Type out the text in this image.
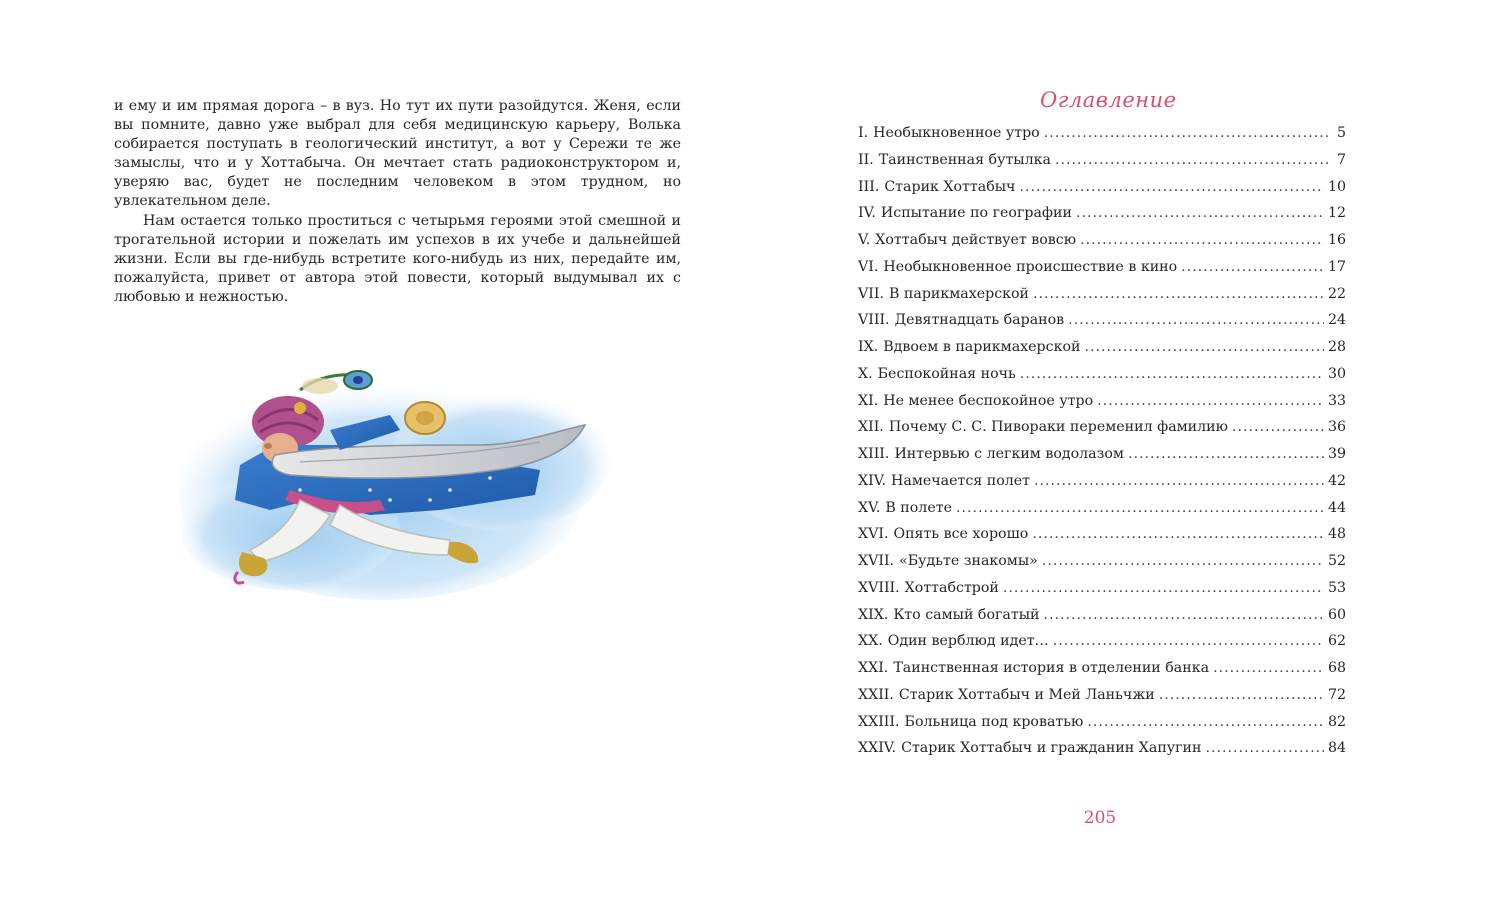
и ему и им прямая дорога – в вуз. Но тут их пути разойдутся. Женя, если вы помните, давно уже выбрал для себя медицинскую карьеру, Волька собирается поступать в геологический институт, а вот у Сережи те же замыслы, что и у Хоттабыча. Он мечтает стать радиоконструктором и, уверяю вас, будет не последним человеком в этом трудном, но увлекательном деле.

Нам остается только проститься с четырьмя героями этой смешной и трогательной истории и пожелать им успехов в их учебе и дальнейшей жизни. Если вы где-нибудь встретите кого-нибудь из них, передайте им, пожалуйста, привет от автора этой повести, который выдумывал их с любовью и нежностью.

Оглавление
I. Необыкновенное утро .....	5
II. Таинственная бутылка .....	7
III. Старик Хоттабыч .....	10
IV. Испытание по географии .....	12
V. Хоттабыч действует вовсю .....	16
VI. Необыкновенное происшествие в кино .....	17
VII. В парикмахерской .....	22
VIII. Девятнадцать баранов .....	24
IX. Вдвоем в парикмахерской .....	28
X. Беспокойная ночь .....	30
XI. Не менее беспокойное утро .....	33
XII. Почему С. С. Пивораки переменил фамилию .....	36
XIII. Интервью с легким водолазом .....	39
XIV. Намечается полет .....	42
XV. В полете .....	44
XVI. Опять все хорошо .....	48
XVII. «Будьте знакомы» .....	52
XVIII. Хоттабстрой .....	53
XIX. Кто самый богатый .....	60
XX. Один верблюд идет… .....	62
XXI. Таинственная история в отделении банка .....	68
XXII. Старик Хоттабыч и Мей Ланьчжи .....	72
XXIII. Больница под кроватью .....	82
XXIV. Старик Хоттабыч и гражданин Хапугин .....	84
205
